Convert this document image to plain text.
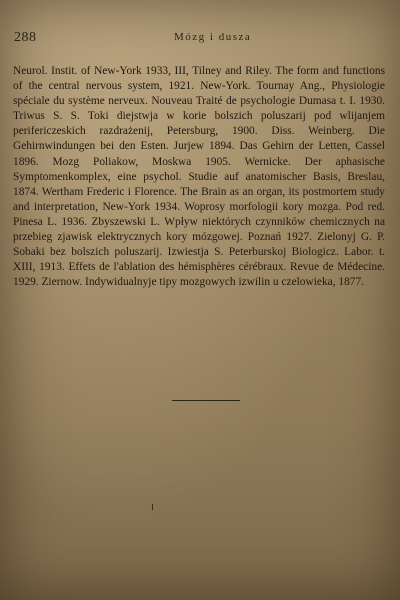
288	Mózg i dusza

Neurol. Instit. of New-York 1933, III, Tilney and Riley. The form and functions of the central nervous system, 1921. New-York. Tournay Ang., Physiologie spéciale du système nerveux. Nouveau Traité de psychologie Dumasa t. I. 1930. Triwus S. S. Toki diejstwja w korie bolszich poluszarij pod wlijanjem perifericzeskich razdrażenij, Petersburg, 1900. Diss. Weinberg. Die Gehirnwindungen bei den Esten. Jurjew 1894. Das Gehirn der Letten, Cassel 1896. Mozg Poliakow, Moskwa 1905. Wernicke. Der aphasische Symptomenkomplex, eine psychol. Studie auf anatomischer Basis, Breslau, 1874. Wertham Frederic i Florence. The Brain as an organ, its postmortem study and interpretation, New-York 1934. Woprosy morfologii kory mozga. Pod red. Pinesa L. 1936. Zbyszewski L. Wpływ niektórych czynników chemicznych na przebieg zjawisk elektrycznych kory mózgowej. Poznań 1927. Zielonyj G. P. Sobaki bez bolszich poluszarij. Izwiestja S. Peterburskoj Biologicz. Labor. t. XIII, 1913. Effets de l'ablation des hémisphères cérébraux. Revue de Médecine. 1929. Ziernow. Indywidualnyje tipy mozgowych izwilin u czelowieka, 1877.
